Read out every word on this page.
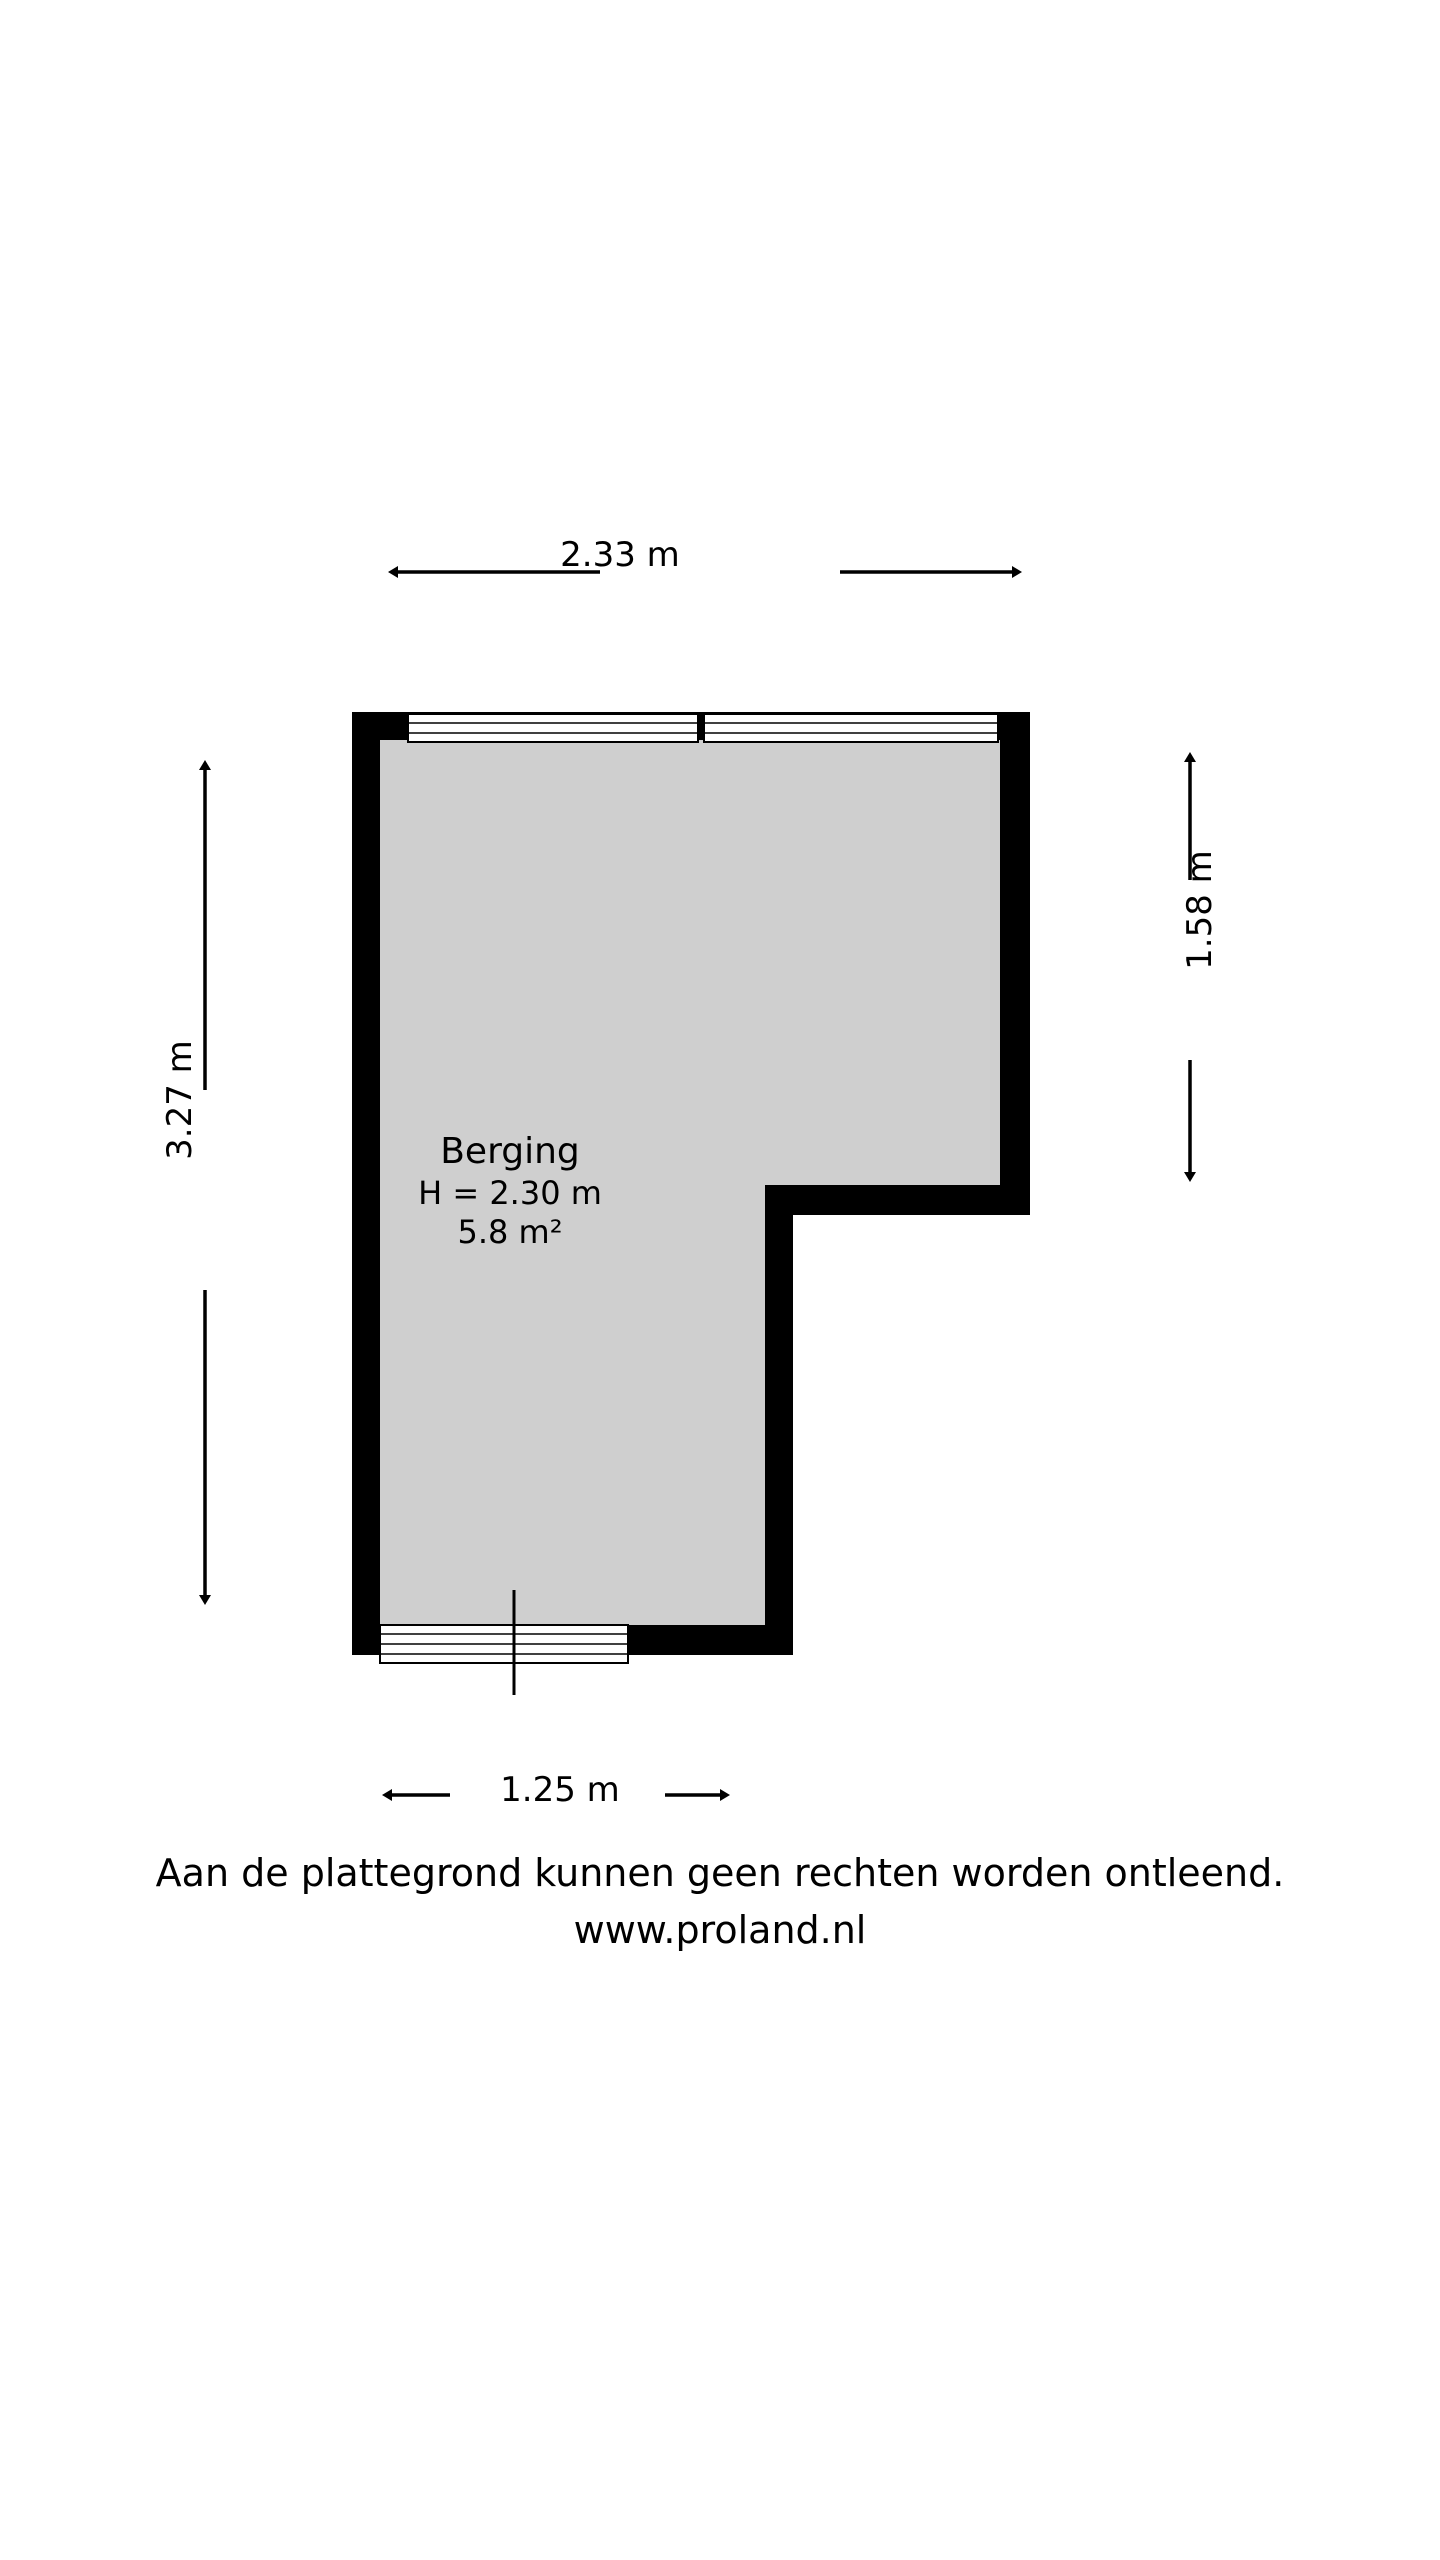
2.33 m
3.27 m
1.58 m
1.25 m
Berging
H = 2.30 m
5.8 m²
Aan de plattegrond kunnen geen rechten worden ontleend.
www.proland.nl
